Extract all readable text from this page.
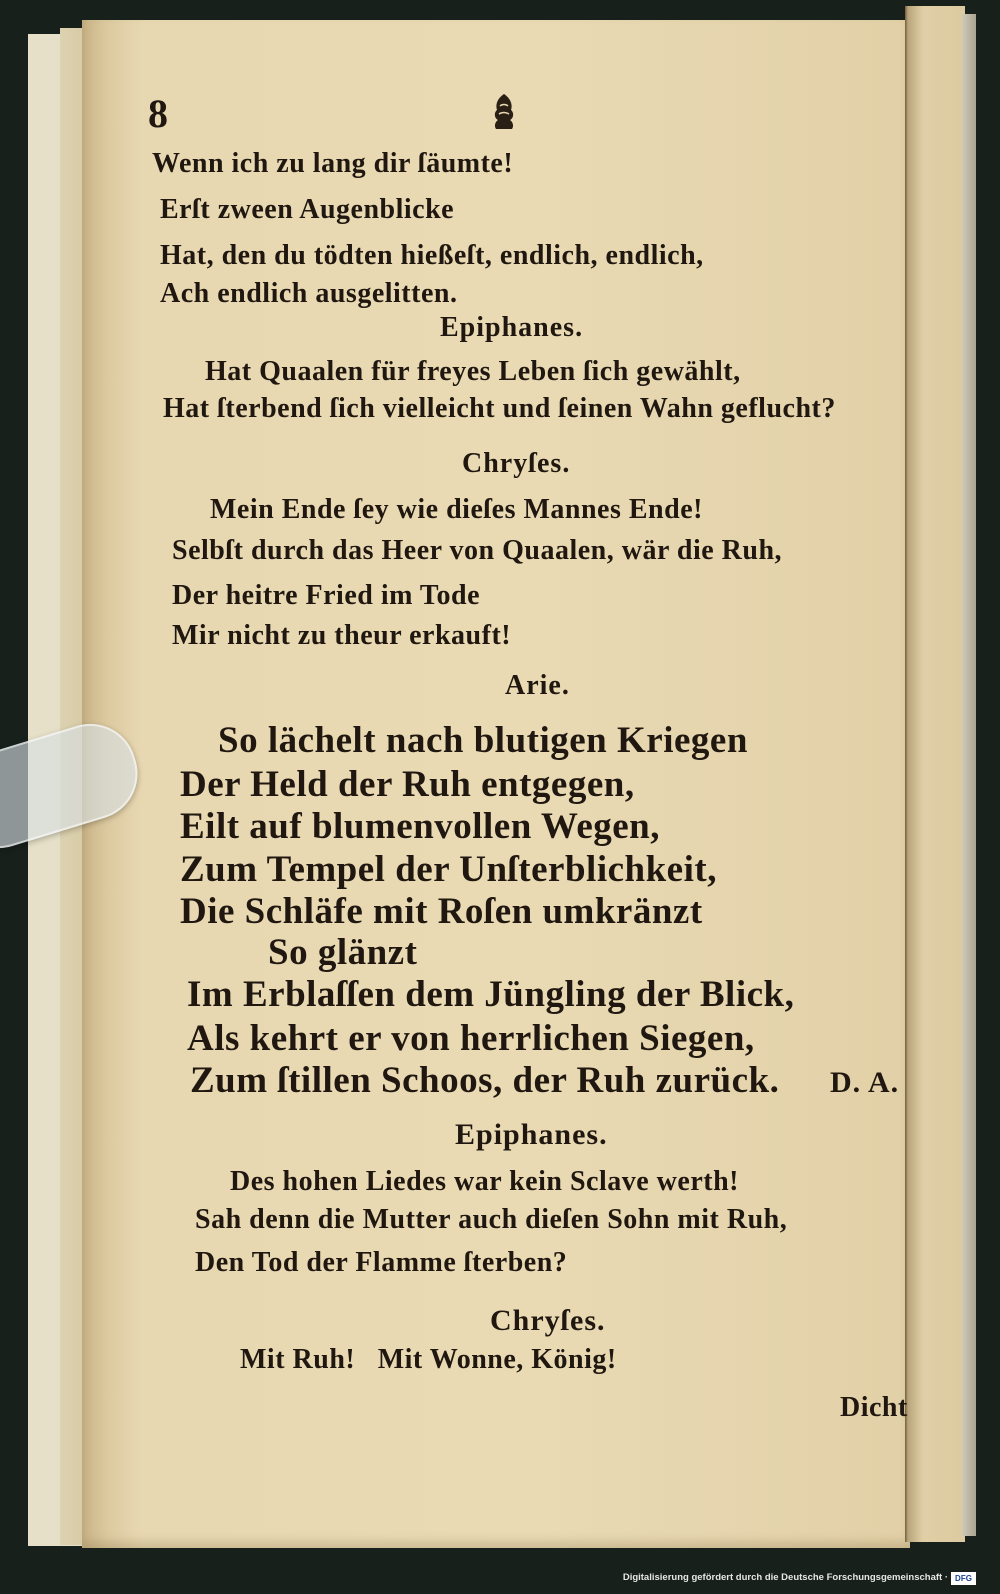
8
Wenn ich zu lang dir ſäumte!
Erſt zween Augenblicke
Hat, den du tödten hießeſt, endlich, endlich,
Ach endlich ausgelitten.
Epiphanes.
Hat Quaalen für freyes Leben ſich gewählt,
Hat ſterbend ſich vielleicht und ſeinen Wahn geflucht?
Chryſes.
Mein Ende ſey wie dieſes Mannes Ende!
Selbſt durch das Heer von Quaalen, wär die Ruh,
Der heitre Fried im Tode
Mir nicht zu theur erkauft!
Arie.
So lächelt nach blutigen Kriegen
Der Held der Ruh entgegen,
Eilt auf blumenvollen Wegen,
Zum Tempel der Unſterblichkeit,
Die Schläfe mit Roſen umkränzt
So glänzt
Im Erblaſſen dem Jüngling der Blick,
Als kehrt er von herrlichen Siegen,
Zum ſtillen Schoos, der Ruh zurück. D. A.
Epiphanes.
Des hohen Liedes war kein Sclave werth!
Sah denn die Mutter auch dieſen Sohn mit Ruh,
Den Tod der Flamme ſterben?
Chryſes.
Mit Ruh!   Mit Wonne, König!
Dicht
Digitalisierung gefördert durch die Deutsche Forschungsgemeinschaft · DFG
